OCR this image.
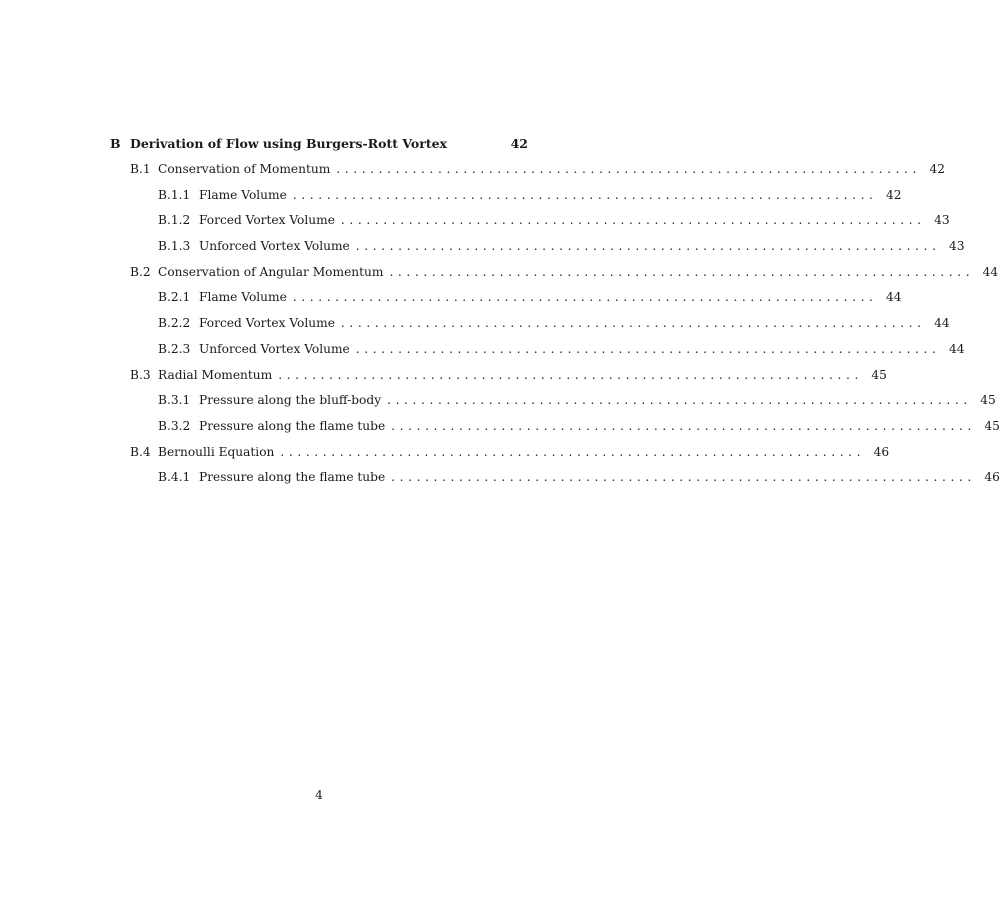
B Derivation of Flow using Burgers-Rott Vortex	42
B.1 Conservation of Momentum ..................................................................... 42
B.1.1 Flame Volume ..................................................................... 42
B.1.2 Forced Vortex Volume ..................................................................... 43
B.1.3 Unforced Vortex Volume ..................................................................... 43
B.2 Conservation of Angular Momentum ..................................................................... 44
B.2.1 Flame Volume ..................................................................... 44
B.2.2 Forced Vortex Volume ..................................................................... 44
B.2.3 Unforced Vortex Volume ..................................................................... 44
B.3 Radial Momentum ..................................................................... 45
B.3.1 Pressure along the bluff-body ..................................................................... 45
B.3.2 Pressure along the flame tube ..................................................................... 45
B.4 Bernoulli Equation ..................................................................... 46
B.4.1 Pressure along the flame tube ..................................................................... 46
4
